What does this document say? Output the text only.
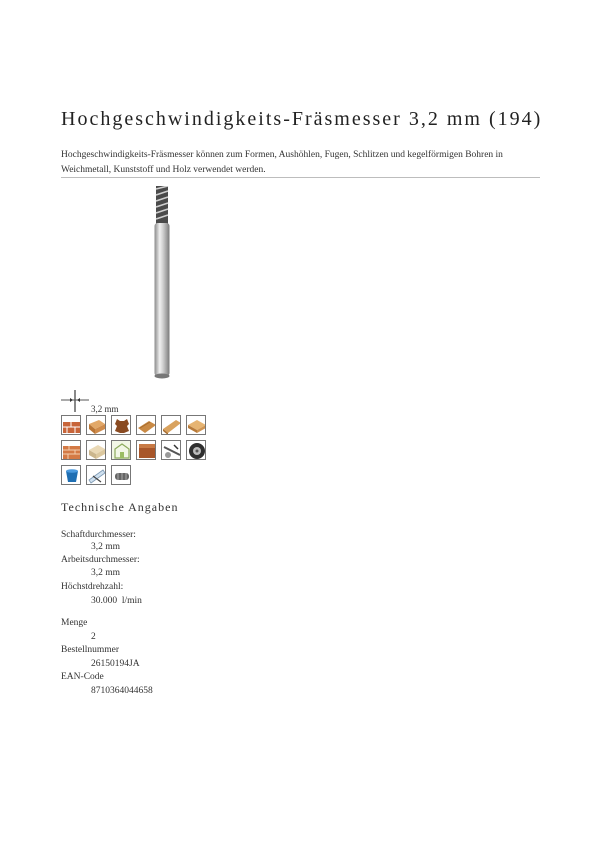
Hochgeschwindigkeits-Fräsmesser 3,2 mm (194)
Hochgeschwindigkeits-Fräsmesser können zum Formen, Aushöhlen, Fugen, Schlitzen und kegelförmigen Bohren in Weichmetall, Kunststoff und Holz verwendet werden.
3,2 mm
Technische Angaben
Schaftdurchmesser:
3,2 mm
Arbeitsdurchmesser:
3,2 mm
Höchstdrehzahl:
30.000  l/min
Menge
2
Bestellnummer
26150194JA
EAN-Code
8710364044658
